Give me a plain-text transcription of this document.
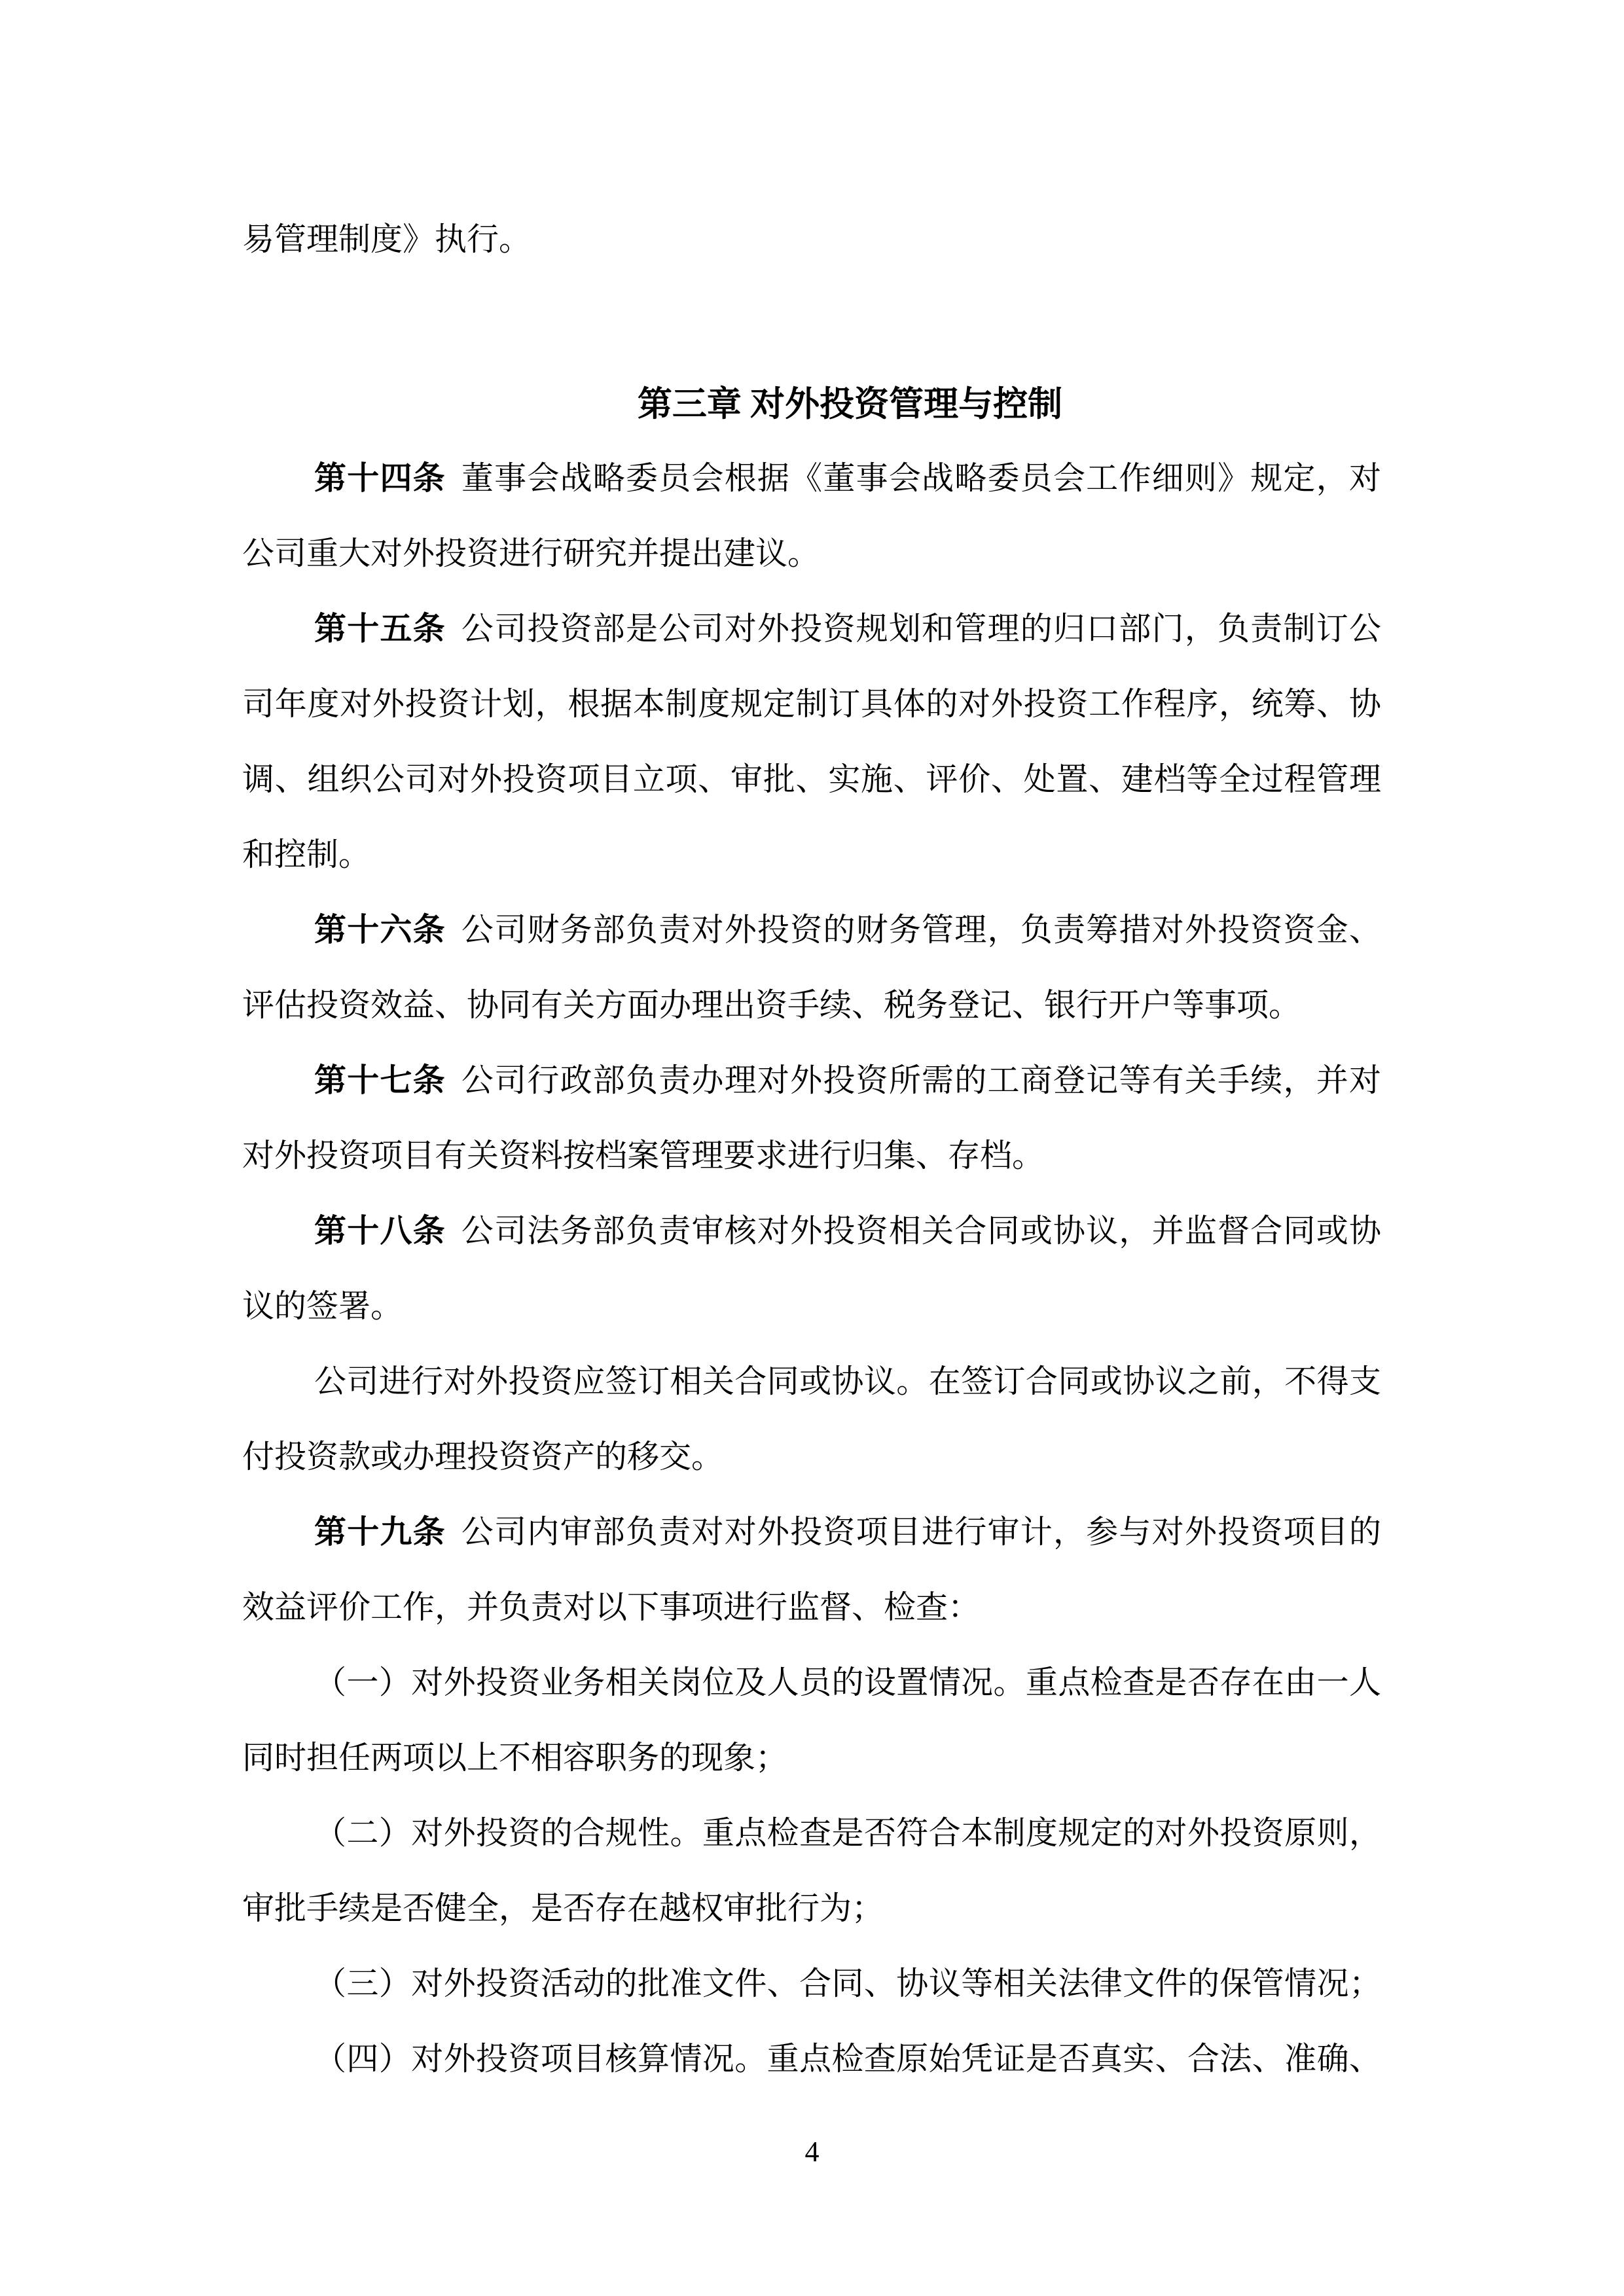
第三章 对外投资管理与控制
易管理制度》执行。
第十四条 董事会战略委员会根据《董事会战略委员会工作细则》规定，对
公司重大对外投资进行研究并提出建议。
第十五条 公司投资部是公司对外投资规划和管理的归口部门，负责制订公
司年度对外投资计划，根据本制度规定制订具体的对外投资工作程序，统筹、协
调、组织公司对外投资项目立项、审批、实施、评价、处置、建档等全过程管理
和控制。
第十六条 公司财务部负责对外投资的财务管理，负责筹措对外投资资金、
评估投资效益、协同有关方面办理出资手续、税务登记、银行开户等事项。
第十七条 公司行政部负责办理对外投资所需的工商登记等有关手续，并对
对外投资项目有关资料按档案管理要求进行归集、存档。
第十八条 公司法务部负责审核对外投资相关合同或协议，并监督合同或协
议的签署。
公司进行对外投资应签订相关合同或协议。在签订合同或协议之前，不得支
付投资款或办理投资资产的移交。
第十九条 公司内审部负责对对外投资项目进行审计，参与对外投资项目的
效益评价工作，并负责对以下事项进行监督、检查：
（一）对外投资业务相关岗位及人员的设置情况。重点检查是否存在由一人
同时担任两项以上不相容职务的现象；
（二）对外投资的合规性。重点检查是否符合本制度规定的对外投资原则，
审批手续是否健全，是否存在越权审批行为；
（三）对外投资活动的批准文件、合同、协议等相关法律文件的保管情况；
（四）对外投资项目核算情况。重点检查原始凭证是否真实、合法、准确、
4
